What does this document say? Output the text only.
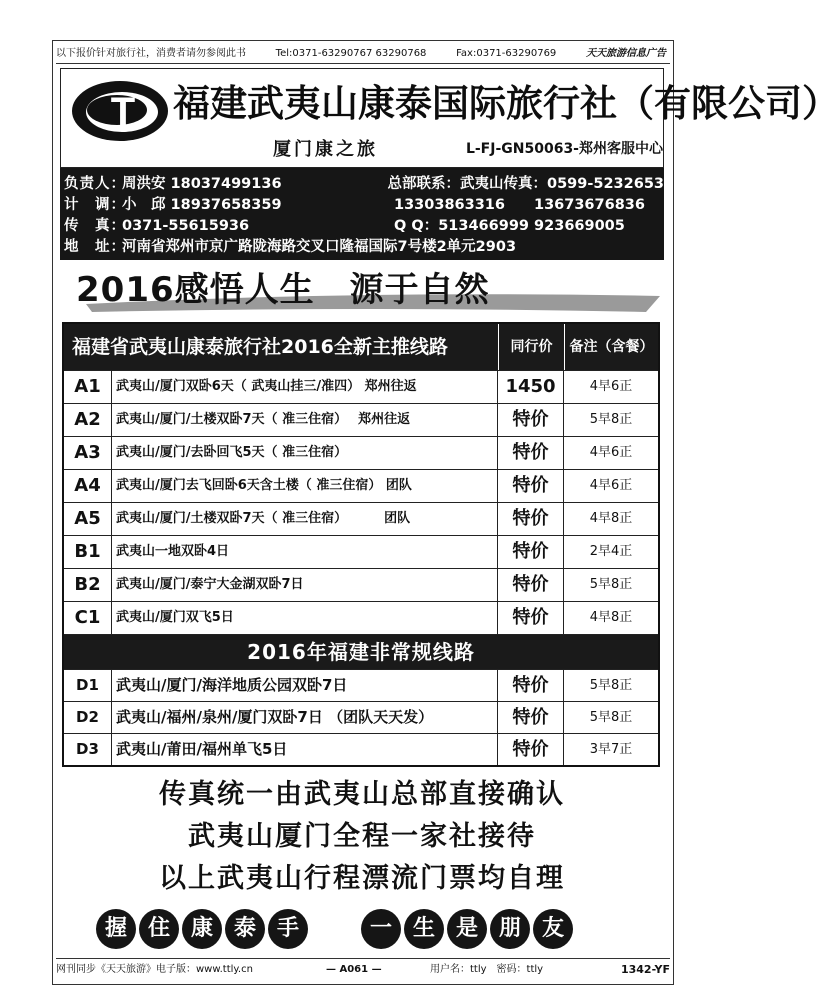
以下报价针对旅行社，消费者请勿参阅此书	Tel:0371-63290767 63290768	Fax:0371-63290769	天天旅游信息广告
T 福建武夷山康泰国际旅行社（有限公司）
厦门康之旅	L-FJ-GN50063-郑州客服中心
负责人：
周洪安 18037499136	总部联系： 武夷山传真：0599-5232653
计　调：
小　邱 18937658359	13303863316　　13673676836
传　真：
0371-55615936	Q Q： 513466999 923669005
地　址：
河南省郑州市京广路陇海路交叉口隆福国际7号楼2单元2903
2016感悟人生　源于自然
福建省武夷山康泰旅行社2016全新主推线路	同行价	备注（含餐）
A1	武夷山/厦门双卧6天（ 武夷山挂三/准四） 郑州往返	1450	4早6正
A2	武夷山/厦门/土楼双卧7天（ 准三住宿）　 郑州往返	特价	5早8正
A3	武夷山/厦门/去卧回飞5天（ 准三住宿）	特价	4早6正
A4	武夷山/厦门去飞回卧6天含土楼（ 准三住宿） 团队	特价	4早6正
A5	武夷山/厦门/土楼双卧7天（ 准三住宿）　　　 团队	特价	4早8正
B1	武夷山一地双卧4日	特价	2早4正
B2	武夷山/厦门/泰宁大金湖双卧7日	特价	5早8正
C1	武夷山/厦门双飞5日	特价	4早8正
2016年福建非常规线路
D1	武夷山/厦门/海洋地质公园双卧7日	特价	5早8正
D2	武夷山/福州/泉州/厦门双卧7日 （团队天天发）	特价	5早8正
D3	武夷山/莆田/福州单飞5日	特价	3早7正
传真统一由武夷山总部直接确认
武夷山厦门全程一家社接待
以上武夷山行程漂流门票均自理
握 住 康 泰 手	一 生 是 朋 友
网刊同步《天天旅游》电子版：www.ttly.cn	— A061 —	用户名：ttly　密码：ttly	1342-YF
